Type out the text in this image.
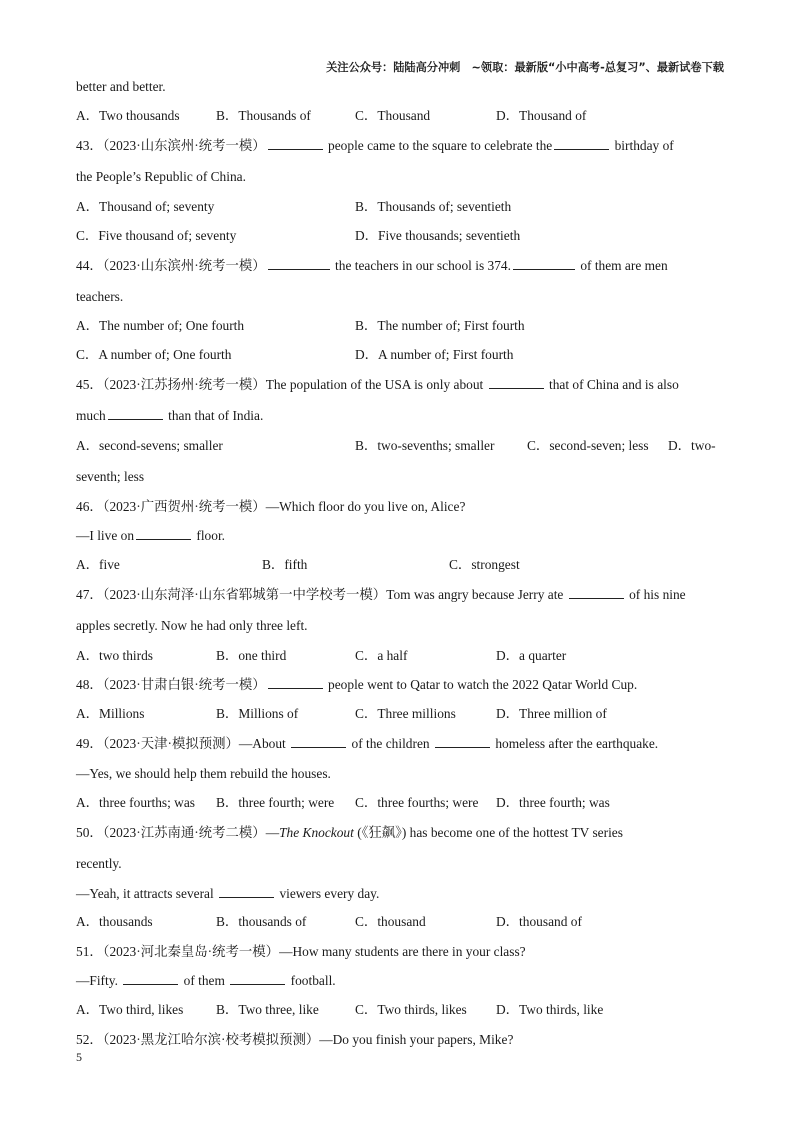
关注公众号：陆陆高分冲刺　~领取：最新版“小中高考-总复习”、最新试卷下载
better and better.
A．Two thousands	B．Thousands of	C．Thousand	D．Thousand of
43．（2023·山东滨州·统考一模）	people came to the square to celebrate the	birthday of
the People’s Republic of China.
A．Thousand of; seventy	B．Thousands of; seventieth
C．Five thousand of; seventy	D．Five thousands; seventieth
44．（2023·山东滨州·统考一模）	the teachers in our school is 374.	of them are men
teachers.
A．The number of; One fourth	B．The number of; First fourth
C．A number of; One fourth	D．A number of; First fourth
45．（2023·江苏扬州·统考一模）The population of the USA is only about	that of China and is also
much	than that of India.
A．second-sevens; smaller	B．two-sevenths; smaller C．second-seven; less D．two-
seventh; less
46．（2023·广西贺州·统考一模）—Which floor do you live on, Alice?
—I live on	floor.
A．five	B．fifth	C．strongest
47．（2023·山东菏泽·山东省郓城第一中学校考一模）Tom was angry because Jerry ate	of his nine
apples secretly. Now he had only three left.
A．two thirds	B．one third	C．a half	D．a quarter
48．（2023·甘肃白银·统考一模）	people went to Qatar to watch the 2022 Qatar World Cup.
A．Millions	B．Millions of	C．Three millions	D．Three million of
49．（2023·天津·模拟预测）—About	of the children	homeless after the earthquake.
—Yes, we should help them rebuild the houses.
A．three fourths; was B．three fourth; were C．three fourths; were D．three fourth; was
50．（2023·江苏南通·统考二模）—The Knockout (《狂飙》) has become one of the hottest TV series
recently.
—Yeah, it attracts several	viewers every day.
A．thousands	B．thousands of	C．thousand	D．thousand of
51．（2023·河北秦皇岛·统考一模）—How many students are there in your class?
—Fifty.	of them	football.
A．Two third, likes B．Two three, like	C．Two thirds, likes D．Two thirds, like
52．（2023·黑龙江哈尔滨·校考模拟预测）—Do you finish your papers, Mike?
5
